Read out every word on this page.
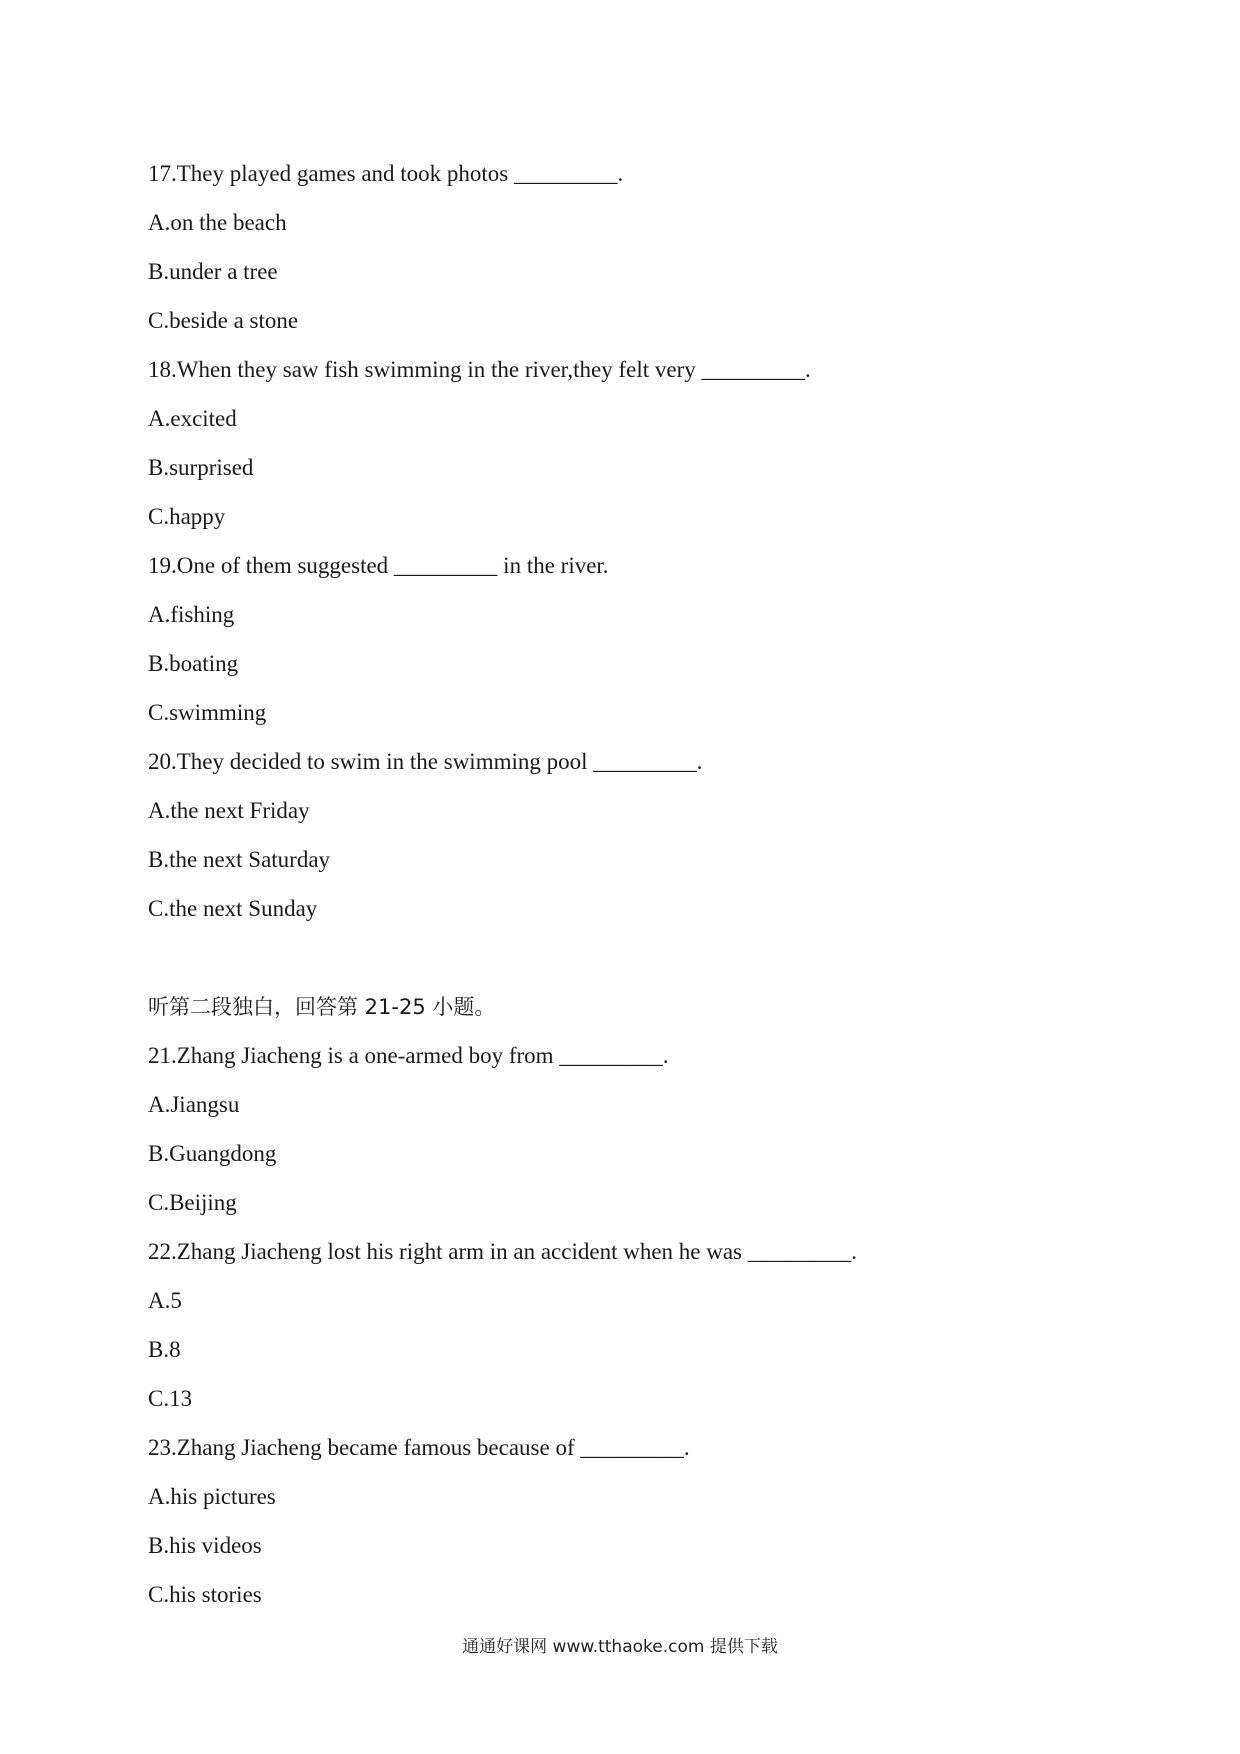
17.They played games and took photos _________.
A.on the beach
B.under a tree
C.beside a stone
18.When they saw fish swimming in the river,they felt very _________.
A.excited
B.surprised
C.happy
19.One of them suggested _________ in the river.
A.fishing
B.boating
C.swimming
20.They decided to swim in the swimming pool _________.
A.the next Friday
B.the next Saturday
C.the next Sunday
听第二段独白，回答第 21-25 小题。
21.Zhang Jiacheng is a one-armed boy from _________.
A.Jiangsu
B.Guangdong
C.Beijing
22.Zhang Jiacheng lost his right arm in an accident when he was _________.
A.5
B.8
C.13
23.Zhang Jiacheng became famous because of _________.
A.his pictures
B.his videos
C.his stories
通通好课网 www.tthaoke.com 提供下载
